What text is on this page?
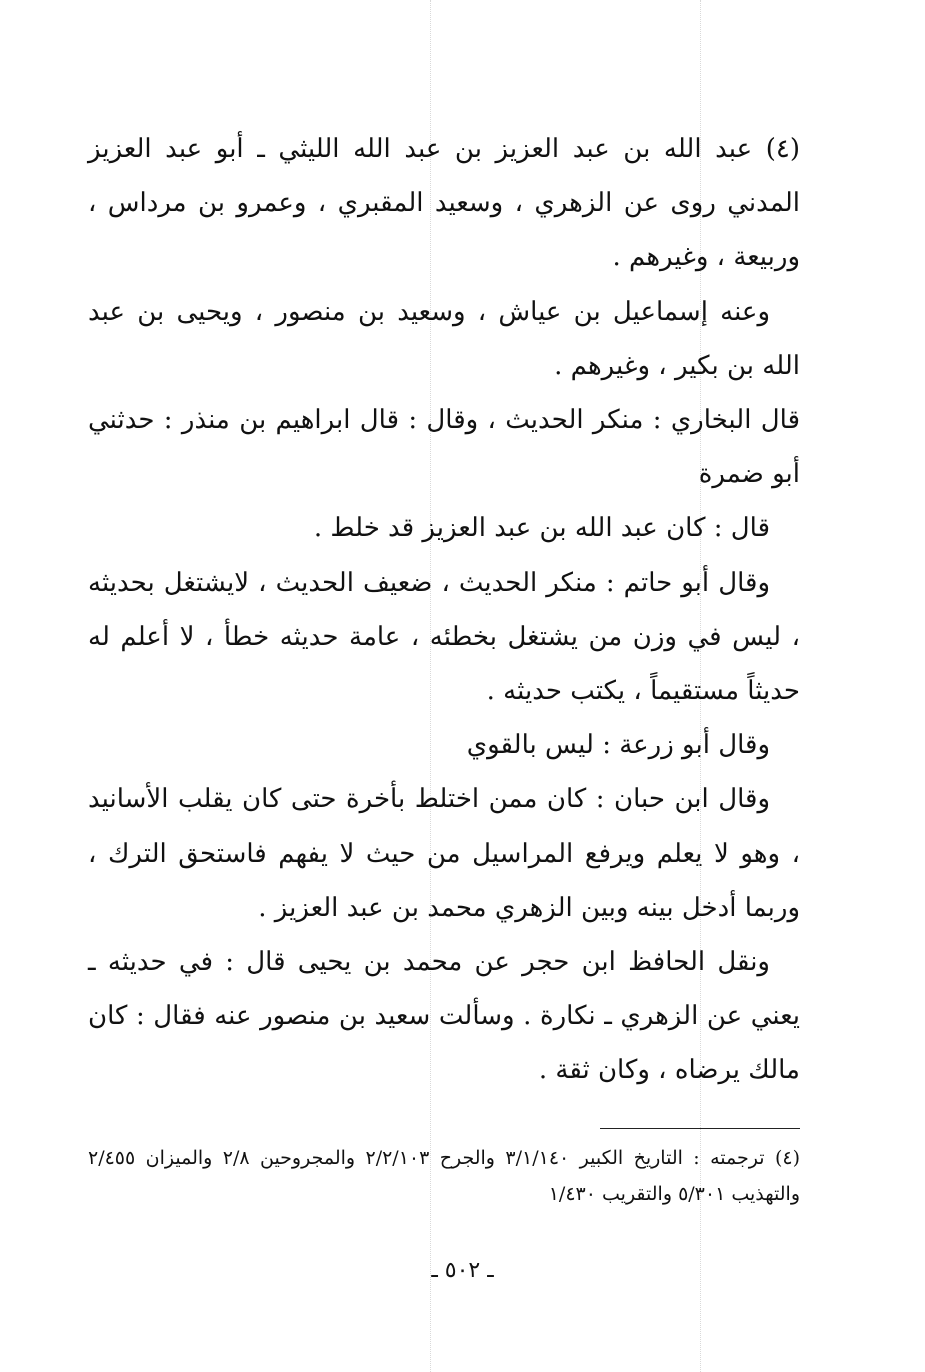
(٤) عبد الله بن عبد العزيز بن عبد الله الليثي ـ أبو عبد العزيز المدني روى عن الزهري ، وسعيد المقبري ، وعمرو بن مرداس ، وربيعة ، وغيرهم .

وعنه إسماعيل بن عياش ، وسعيد بن منصور ، ويحيى بن عبد الله بن بكير ، وغيرهم .

قال البخاري : منكر الحديث ، وقال : قال ابراهيم بن منذر : حدثني أبو ضمرة

قال : كان عبد الله بن عبد العزيز قد خلط .

وقال أبو حاتم : منكر الحديث ، ضعيف الحديث ، لايشتغل بحديثه ، ليس في وزن من يشتغل بخطئه ، عامة حديثه خطأ ، لا أعلم له حديثاً مستقيماً ، يكتب حديثه .

وقال أبو زرعة : ليس بالقوي

وقال ابن حبان : كان ممن اختلط بأخرة حتى كان يقلب الأسانيد ، وهو لا يعلم ويرفع المراسيل من حيث لا يفهم فاستحق الترك ، وربما أدخل بينه وبين الزهري محمد بن عبد العزيز .

ونقل الحافظ ابن حجر عن محمد بن يحيى قال : في حديثه ـ يعني عن الزهري ـ نكارة . وسألت سعيد بن منصور عنه فقال : كان مالك يرضاه ، وكان ثقة .

(٤) ترجمته : التاريخ الكبير ٣/١/١٤٠ والجرح ٢/٢/١٠٣ والمجروحين ٢/٨ والميزان ٢/٤٥٥ والتهذيب ٥/٣٠١ والتقريب ١/٤٣٠

ـ ٥٠٢ ـ
